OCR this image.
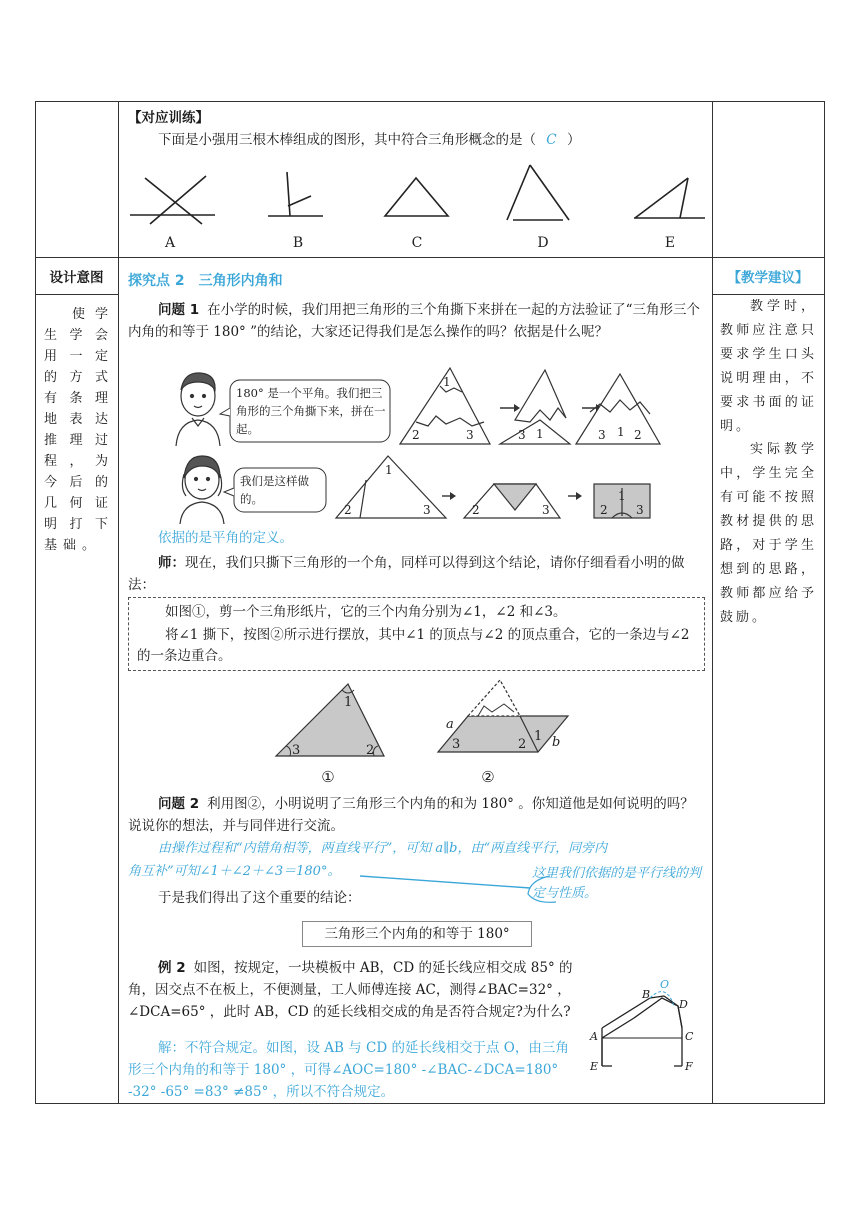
【对应训练】
下面是小强用三根木棒组成的图形，其中符合三角形概念的是（ C ）
A	B	C	D	E
设计意图

使学生学会用一定的方式有条理地表达推理过程，为今后的几何证明打下基础。

【教学建议】

教学时，教师应注意只要求学生口头说明理由，不要求书面的证明。

实际教学中，学生完全有可能不按照教材提供的思路，对于学生想到的思路，教师都应给予鼓励。

探究点 2　三角形内角和

问题 1 在小学的时候，我们用把三角形的三个角撕下来拼在一起的方法验证了“三角形三个内角的和等于 180° ”的结论，大家还记得我们是怎么操作的吗？依据是什么呢？

180° 是一个平角。我们把三角形的三个角撕下来，拼在一起。
1
2	3	3 1	3 1 2
我们是这样做的。
1
2	3	2	3	2
1
3
依据的是平角的定义。

师：现在，我们只撕下三角形的一个角，同样可以得到这个结论，请你仔细看看小明的做法：

如图①，剪一个三角形纸片，它的三个内角分别为∠1，∠2 和∠3。

将∠1 撕下，按图②所示进行摆放，其中∠1 的顶点与∠2 的顶点重合，它的一条边与∠2 的一条边重合。

1
3	2
①
a
b
3	2
1
②

问题 2 利用图②，小明说明了三角形三个内角的和为 180° 。你知道他是如何说明的吗？说说你的想法，并与同伴进行交流。

由操作过程和“内错角相等，两直线平行”，可知 a∥b，由“两直线平行，同旁内
角互补”可知∠1＋∠2＋∠3＝180°。	这里我们依据的是平行线的判定与性质。
于是我们得出了这个重要的结论：
三角形三个内角的和等于 180°

例 2 如图，按规定，一块模板中 AB，CD 的延长线应相交成 85° 的角，因交点不在板上，不便测量，工人师傅连接 AC，测得∠BAC=32° ，∠DCA=65° ，此时 AB，CD 的延长线相交成的角是否符合规定?为什么?

B
D
A	C
E	F
O

解：不符合规定。如图，设 AB 与 CD 的延长线相交于点 O，由三角形三个内角的和等于 180° ，可得∠AOC=180° -∠BAC-∠DCA=180° -32° -65° =83° ≠85° ，所以不符合规定。
